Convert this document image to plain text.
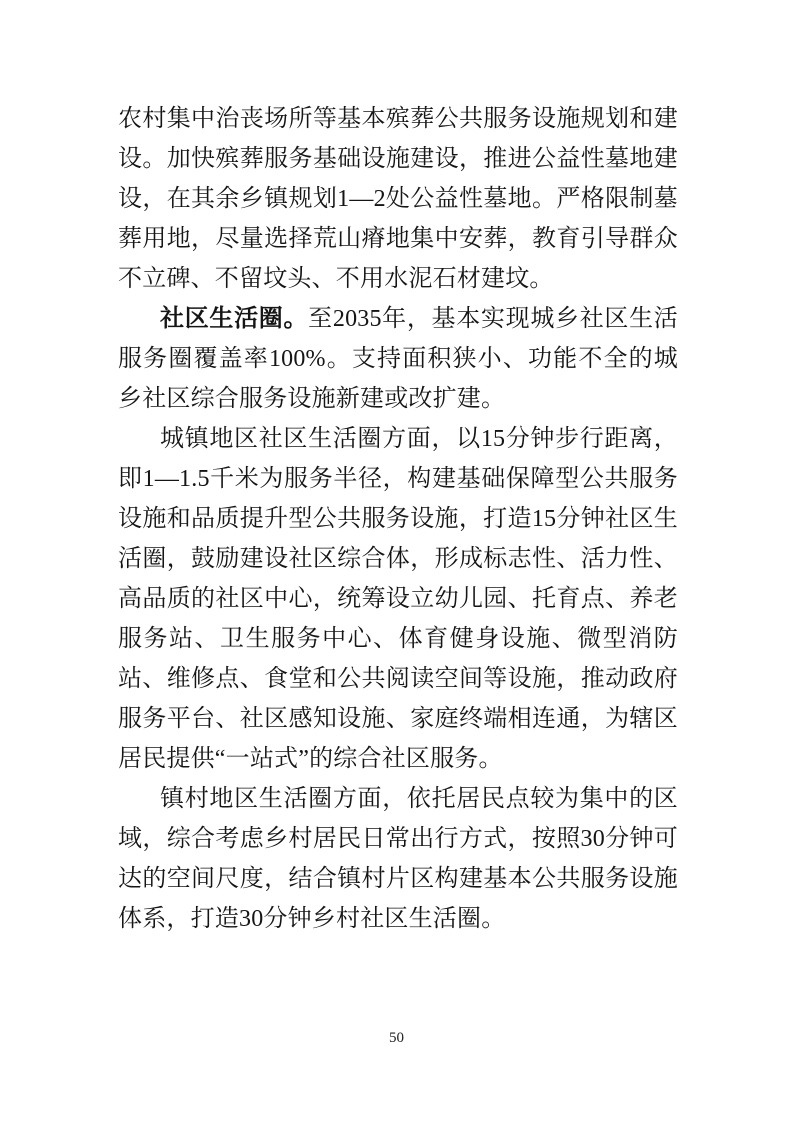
农村集中治丧场所等基本殡葬公共服务设施规划和建设。加快殡葬服务基础设施建设，推进公益性墓地建设，在其余乡镇规划1—2处公益性墓地。严格限制墓葬用地，尽量选择荒山瘠地集中安葬，教育引导群众不立碑、不留坟头、不用水泥石材建坟。

社区生活圈。至2035年，基本实现城乡社区生活服务圈覆盖率100%。支持面积狭小、功能不全的城乡社区综合服务设施新建或改扩建。

城镇地区社区生活圈方面，以15分钟步行距离，即1—1.5千米为服务半径，构建基础保障型公共服务设施和品质提升型公共服务设施，打造15分钟社区生活圈，鼓励建设社区综合体，形成标志性、活力性、高品质的社区中心，统筹设立幼儿园、托育点、养老服务站、卫生服务中心、体育健身设施、微型消防站、维修点、食堂和公共阅读空间等设施，推动政府服务平台、社区感知设施、家庭终端相连通，为辖区居民提供“一站式”的综合社区服务。

镇村地区生活圈方面，依托居民点较为集中的区域，综合考虑乡村居民日常出行方式，按照30分钟可达的空间尺度，结合镇村片区构建基本公共服务设施体系，打造30分钟乡村社区生活圈。

50
